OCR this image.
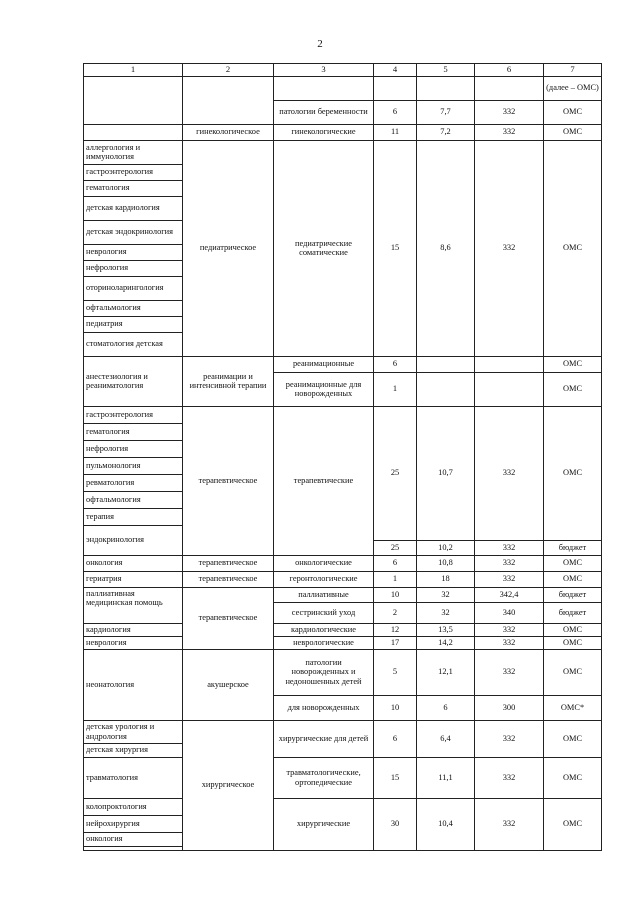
2
1	2	3	4	5	6	7
						(далее – ОМС)
		патологии беременности	6	7,7	332	ОМС
	гинекологическое	гинекологические	11	7,2	332	ОМС
аллергология и иммунология	педиатрическое	педиатрические соматические	15	8,6	332	ОМС
гастроэнтерология						
гематология						
детская кардиология						
детская эндокринология						
неврология						
нефрология						
оториноларингология						
офтальмология						
педиатрия						
стоматология детская						
анестезиология и реаниматология	реанимации и интенсивной терапии	реанимационные	6			ОМС
		реанимационные для новорожденных	1			ОМС
гастроэнтерология	терапевтическое	терапевтические	25	10,7	332	ОМС
гематология						
нефрология						
пульмонология						
ревматология						
офтальмология						
терапия						
эндокринология						
			25	10,2	332	бюджет
онкология	терапевтическое	онкологические	6	10,8	332	ОМС
гериатрия	терапевтическое	геронтологические	1	18	332	ОМС
паллиативная медицинская помощь	терапевтическое	паллиативные	10	32	342,4	бюджет
		сестринский уход	2	32	340	бюджет
кардиология		кардиологические	12	13,5	332	ОМС
неврология		неврологические	17	14,2	332	ОМС
неонатология	акушерское	патологии новорожденных и недоношенных детей	5	12,1	332	ОМС
		для новорожденных	10	6	300	ОМС*
детская урология и андрология	хирургическое	хирургические для детей	6	6,4	332	ОМС
детская хирургия						
травматология		травматологические, ортопедические	15	11,1	332	ОМС
колопроктология		хирургические	30	10,4	332	ОМС
нейрохирургия						
онкология						
